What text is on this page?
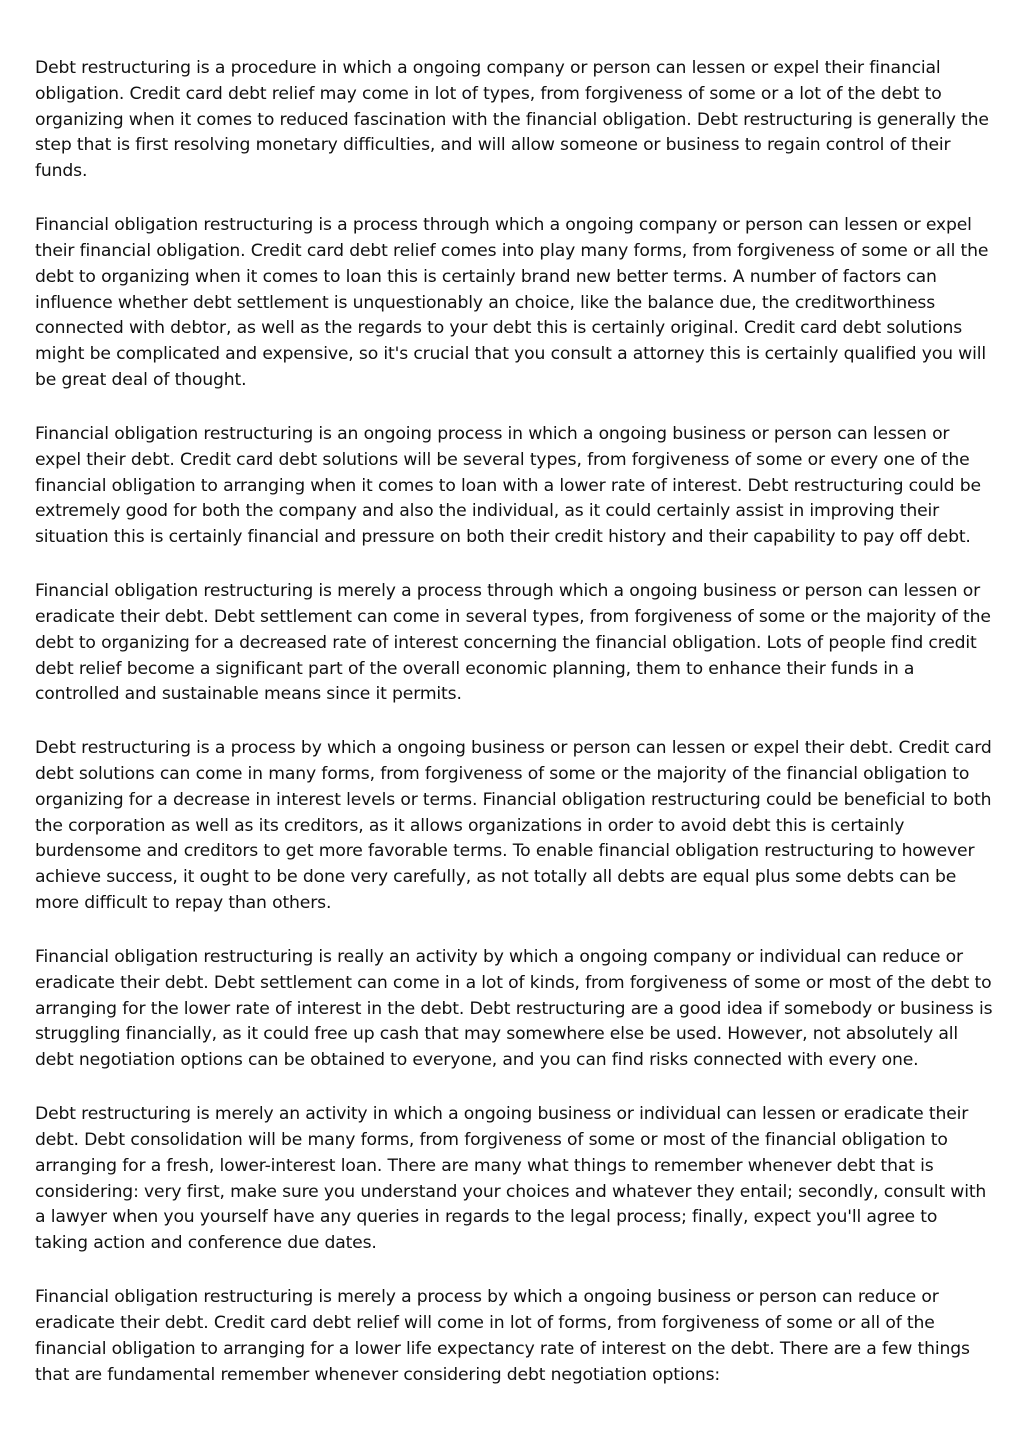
Debt restructuring is a procedure in which a ongoing company or person can lessen or expel their financial obligation. Credit card debt relief may come in lot of types, from forgiveness of some or a lot of the debt to organizing when it comes to reduced fascination with the financial obligation. Debt restructuring is generally the step that is first resolving monetary difficulties, and will allow someone or business to regain control of their funds.

Financial obligation restructuring is a process through which a ongoing company or person can lessen or expel their financial obligation. Credit card debt relief comes into play many forms, from forgiveness of some or all the debt to organizing when it comes to loan this is certainly brand new better terms. A number of factors can influence whether debt settlement is unquestionably an choice, like the balance due, the creditworthiness connected with debtor, as well as the regards to your debt this is certainly original. Credit card debt solutions might be complicated and expensive, so it's crucial that you consult a attorney this is certainly qualified you will be great deal of thought.

Financial obligation restructuring is an ongoing process in which a ongoing business or person can lessen or expel their debt. Credit card debt solutions will be several types, from forgiveness of some or every one of the financial obligation to arranging when it comes to loan with a lower rate of interest. Debt restructuring could be extremely good for both the company and also the individual, as it could certainly assist in improving their situation this is certainly financial and pressure on both their credit history and their capability to pay off debt.

Financial obligation restructuring is merely a process through which a ongoing business or person can lessen or eradicate their debt. Debt settlement can come in several types, from forgiveness of some or the majority of the debt to organizing for a decreased rate of interest concerning the financial obligation. Lots of people find credit debt relief become a significant part of the overall economic planning, them to enhance their funds in a controlled and sustainable means since it permits.

Debt restructuring is a process by which a ongoing business or person can lessen or expel their debt. Credit card debt solutions can come in many forms, from forgiveness of some or the majority of the financial obligation to organizing for a decrease in interest levels or terms. Financial obligation restructuring could be beneficial to both the corporation as well as its creditors, as it allows organizations in order to avoid debt this is certainly burdensome and creditors to get more favorable terms. To enable financial obligation restructuring to however achieve success, it ought to be done very carefully, as not totally all debts are equal plus some debts can be more difficult to repay than others.

Financial obligation restructuring is really an activity by which a ongoing company or individual can reduce or eradicate their debt. Debt settlement can come in a lot of kinds, from forgiveness of some or most of the debt to arranging for the lower rate of interest in the debt. Debt restructuring are a good idea if somebody or business is struggling financially, as it could free up cash that may somewhere else be used. However, not absolutely all debt negotiation options can be obtained to everyone, and you can find risks connected with every one.

Debt restructuring is merely an activity in which a ongoing business or individual can lessen or eradicate their debt. Debt consolidation will be many forms, from forgiveness of some or most of the financial obligation to arranging for a fresh, lower-interest loan. There are many what things to remember whenever debt that is considering: very first, make sure you understand your choices and whatever they entail; secondly, consult with a lawyer when you yourself have any queries in regards to the legal process; finally, expect you'll agree to taking action and conference due dates.

Financial obligation restructuring is merely a process by which a ongoing business or person can reduce or eradicate their debt. Credit card debt relief will come in lot of forms, from forgiveness of some or all of the financial obligation to arranging for a lower life expectancy rate of interest on the debt. There are a few things that are fundamental remember whenever considering debt negotiation options:
